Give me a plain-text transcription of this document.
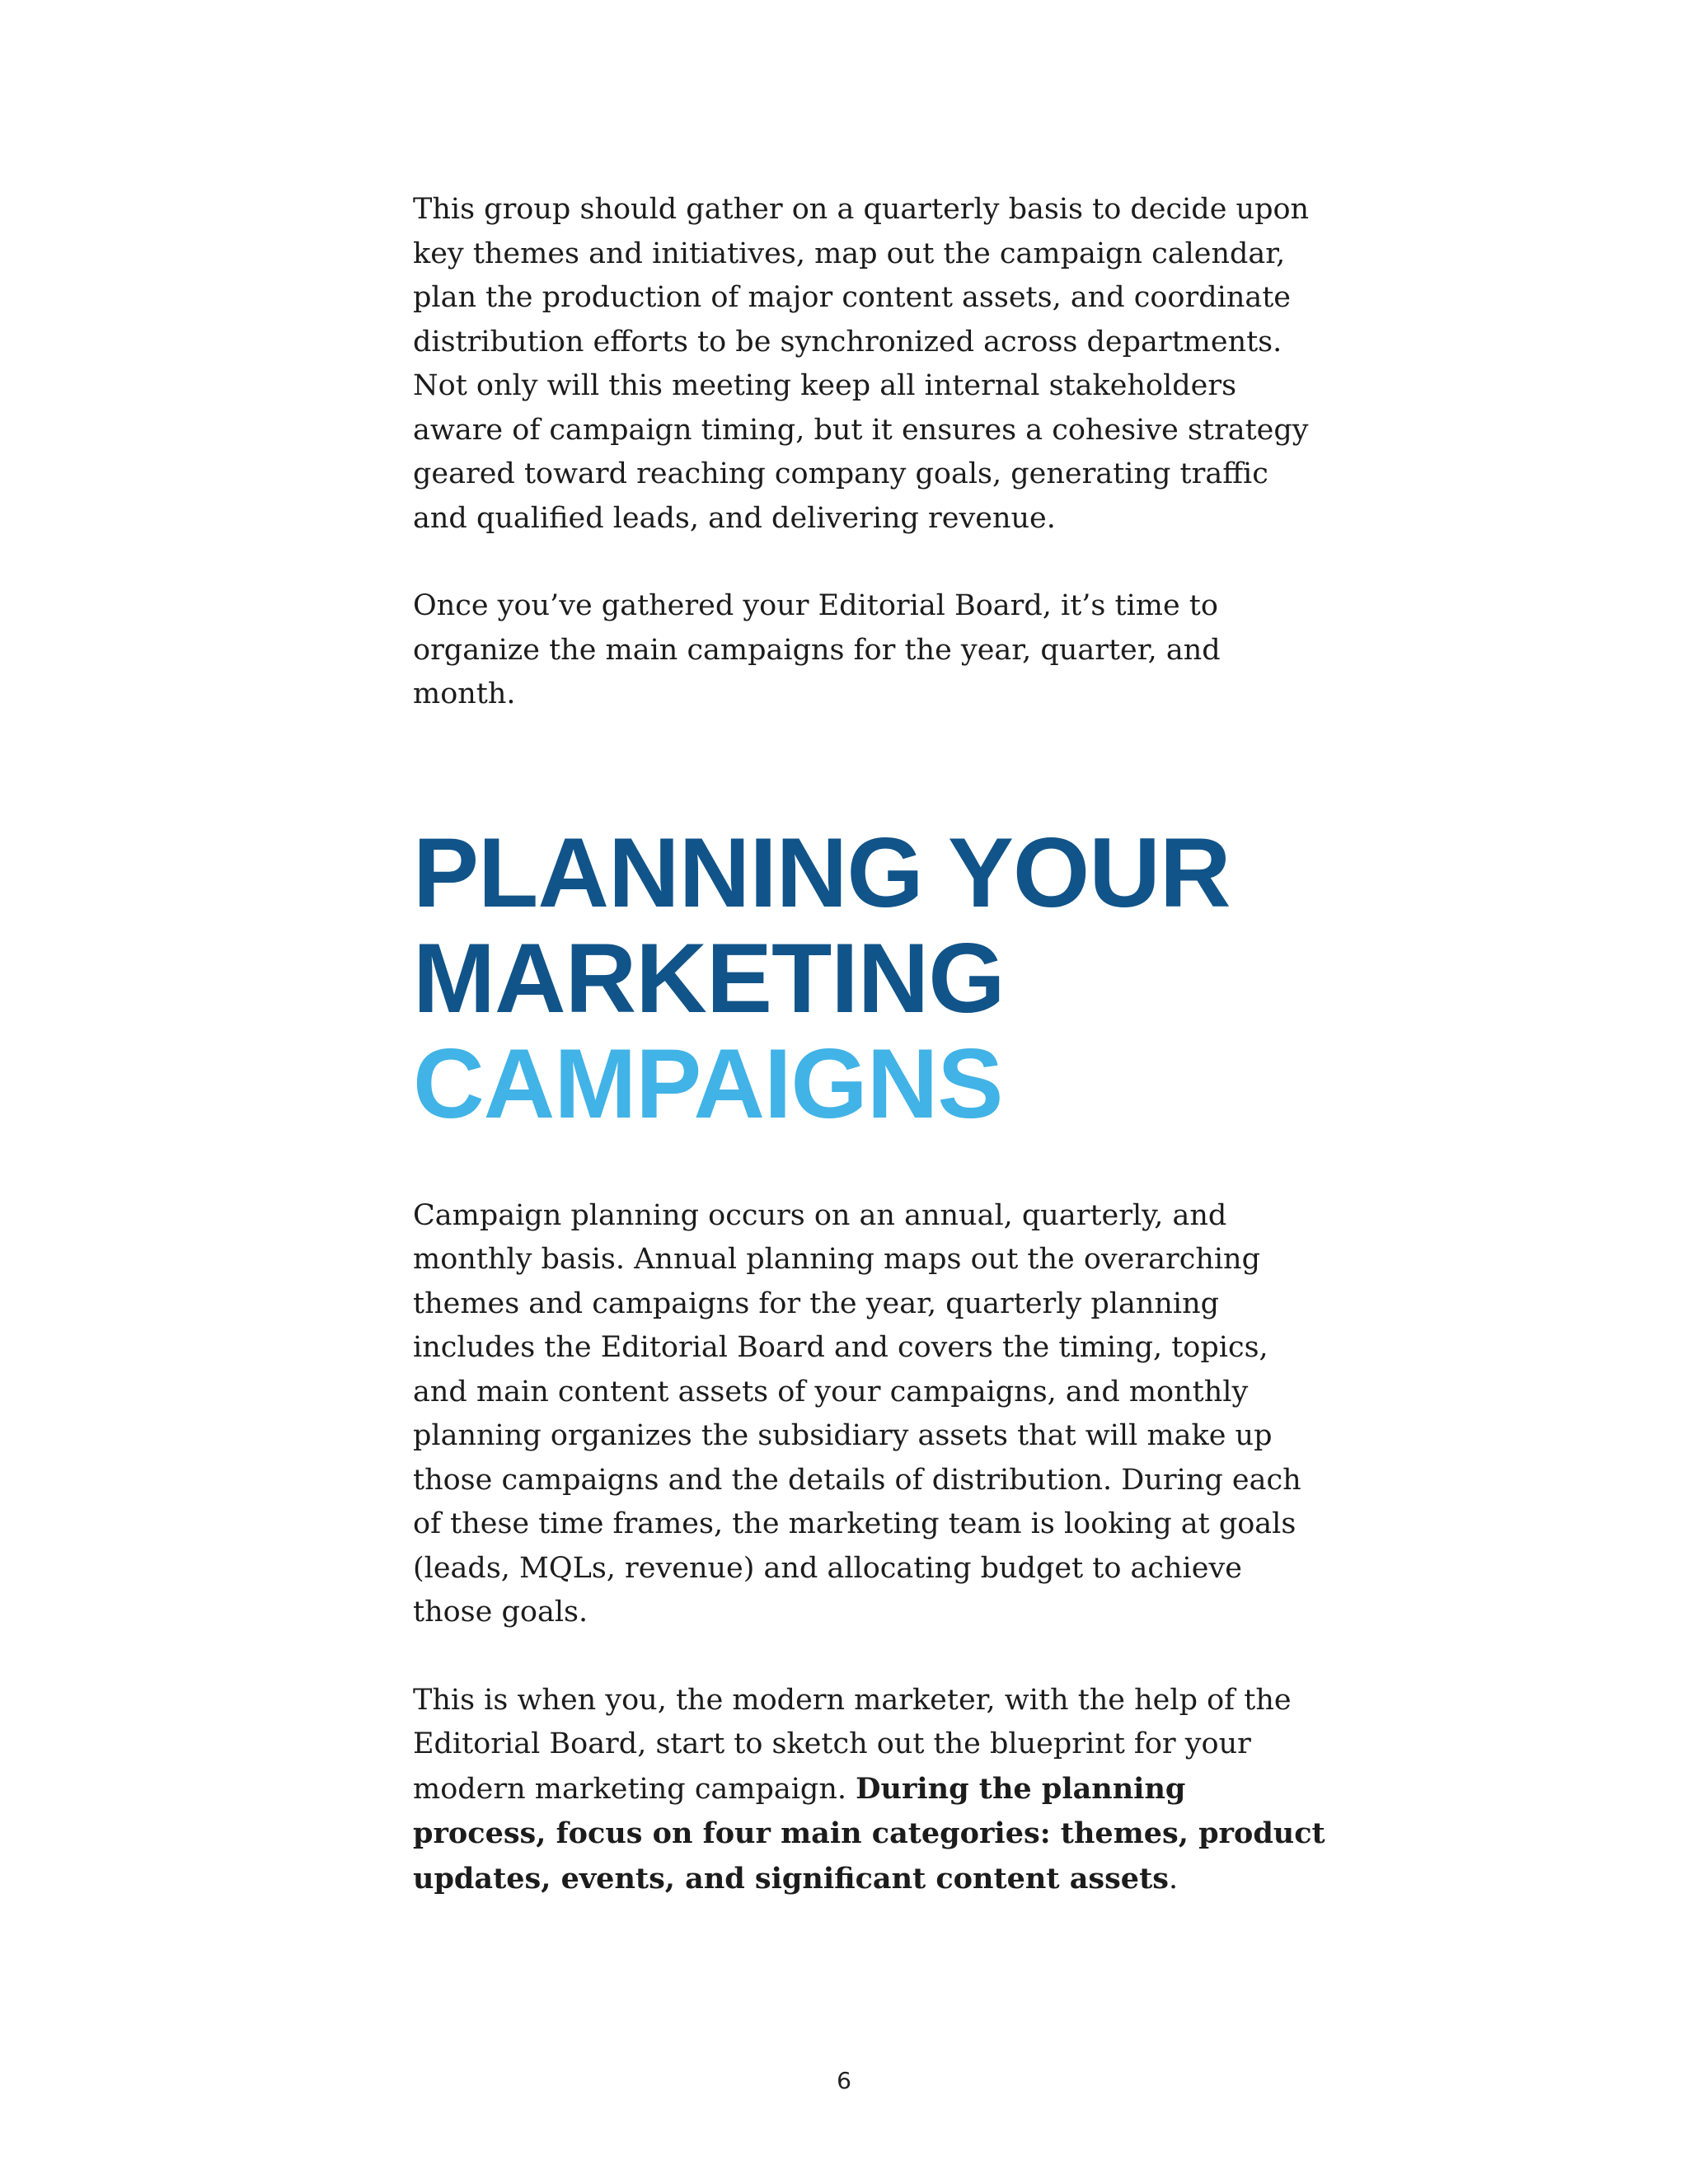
This group should gather on a quarterly basis to decide upon key themes and initiatives, map out the campaign calendar, plan the production of major content assets, and coordinate distribution efforts to be synchronized across departments. Not only will this meeting keep all internal stakeholders aware of campaign timing, but it ensures a cohesive strategy geared toward reaching company goals, generating traffic and qualified leads, and delivering revenue.

Once you’ve gathered your Editorial Board, it’s time to organize the main campaigns for the year, quarter, and month.

PLANNING YOUR
MARKETING
CAMPAIGNS

Campaign planning occurs on an annual, quarterly, and monthly basis. Annual planning maps out the overarching themes and campaigns for the year, quarterly planning includes the Editorial Board and covers the timing, topics, and main content assets of your campaigns, and monthly planning organizes the subsidiary assets that will make up those campaigns and the details of distribution. During each of these time frames, the marketing team is looking at goals (leads, MQLs, revenue) and allocating budget to achieve those goals.

This is when you, the modern marketer, with the help of the Editorial Board, start to sketch out the blueprint for your modern marketing campaign. During the planning process, focus on four main categories: themes, product updates, events, and significant content assets.

6
